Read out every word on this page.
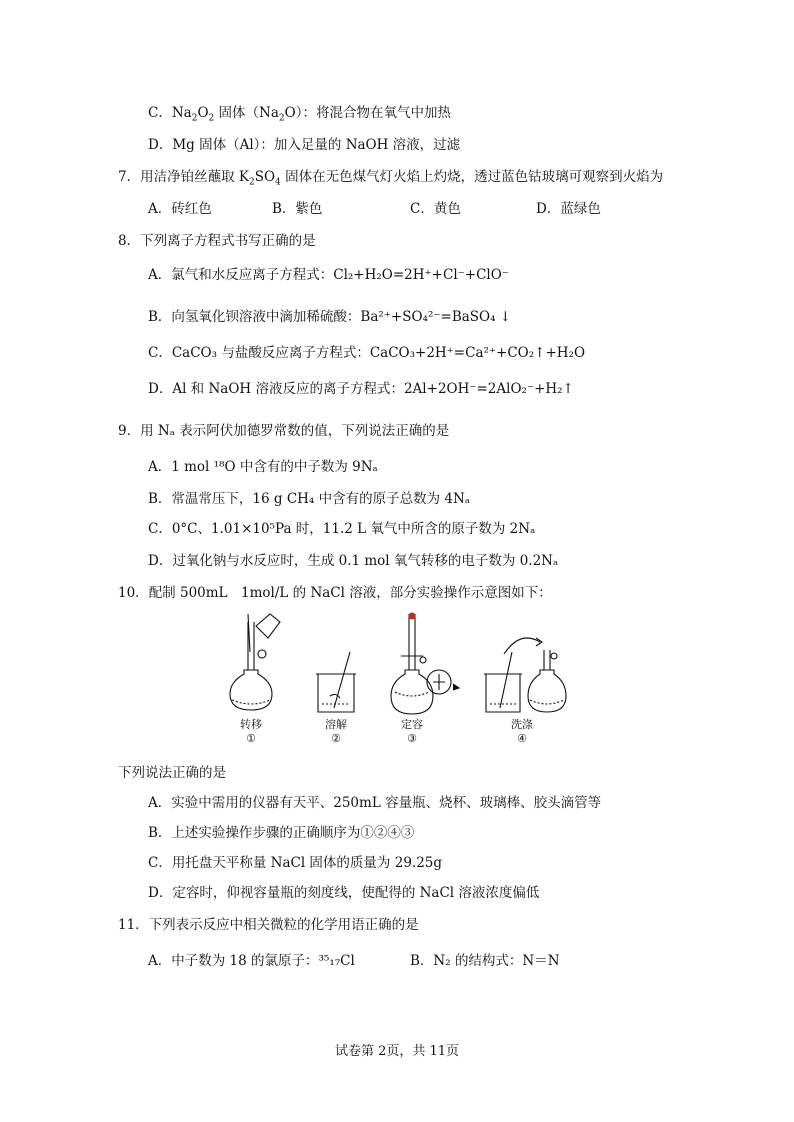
C．$Na_2O_2$ 固体$(Na_2O)$：将混合物在氧气中加热
D．Mg 固体（Al）：加入足量的 NaOH 溶液，过滤
7．用洁净铂丝蘸取 $K_2SO_4$ 固体在无色煤气灯火焰上灼烧，透过蓝色钴玻璃可观察到火焰为
A．砖红色	B．紫色	C．黄色	D．蓝绿色
8．下列离子方程式书写正确的是
A．氯气和水反应离子方程式：Cl₂+H₂O=2H⁺+Cl⁻+ClO⁻
B．向氢氧化钡溶液中滴加稀硫酸：Ba²⁺+SO₄²⁻=BaSO₄ ↓
C．CaCO₃ 与盐酸反应离子方程式：CaCO₃+2H⁺=Ca²⁺+CO₂↑+H₂O
D．Al 和 NaOH 溶液反应的离子方程式：2Al+2OH⁻=2AlO₂⁻+H₂↑
9．用 Nₐ 表示阿伏加德罗常数的值，下列说法正确的是
A．1 mol ¹⁸O 中含有的中子数为 9Nₐ
B．常温常压下，16 g CH₄ 中含有的原子总数为 4Nₐ
C．0°C、1.01×10⁵Pa 时，11.2 L 氧气中所含的原子数为 2Nₐ
D．过氧化钠与水反应时，生成 0.1 mol 氧气转移的电子数为 0.2Nₐ
10．配制 500mL　1mol/L 的 NaCl 溶液，部分实验操作示意图如下：
转移
①
溶解
②
定容
③
洗涤
④
下列说法正确的是
A．实验中需用的仪器有天平、250mL 容量瓶、烧杯、玻璃棒、胶头滴管等
B．上述实验操作步骤的正确顺序为①②④③
C．用托盘天平称量 NaCl 固体的质量为 29.25g
D．定容时，仰视容量瓶的刻度线，使配得的 NaCl 溶液浓度偏低
11．下列表示反应中相关微粒的化学用语正确的是
A．中子数为 18 的氯原子：³⁵₁₇Cl	B．N₂ 的结构式：N＝N
试卷第 2页，共 11页
